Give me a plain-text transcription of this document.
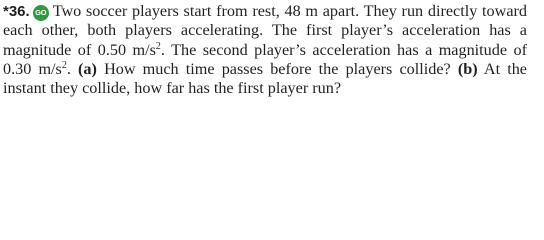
*36. GO Two soccer players start from rest, 48 m apart. They run directly toward each other, both players accelerating. The first player’s acceleration has a magnitude of 0.50 $m/s^2$. The second player’s acceleration has a magnitude of 0.30 $m/s^2$. (a) How much time passes before the players collide? (b) At the instant they collide, how far has the first player run?
